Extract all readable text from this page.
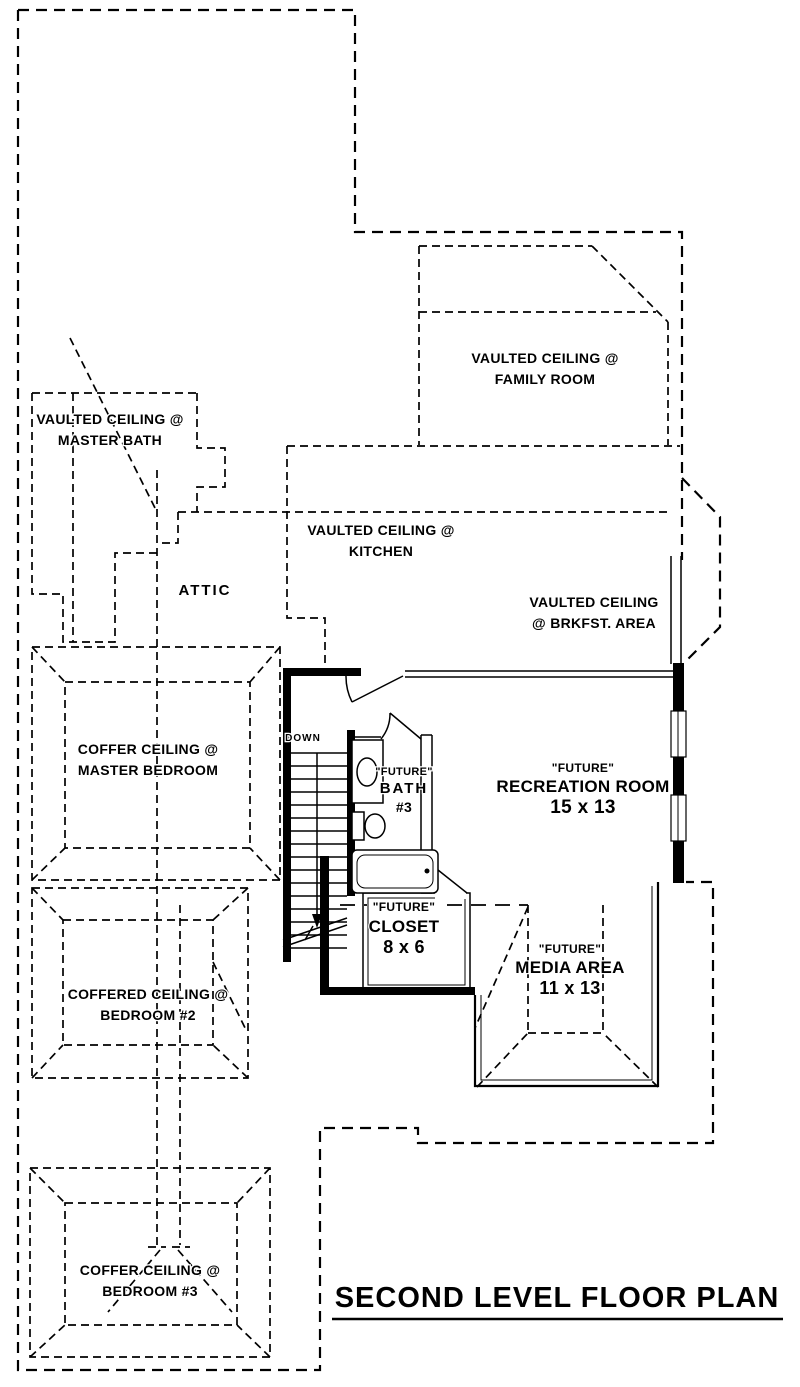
VAULTED CEILING @
MASTER BATH
VAULTED CEILING @
FAMILY ROOM
VAULTED CEILING @
KITCHEN
ATTIC
VAULTED CEILING
@ BRKFST. AREA
COFFER CEILING @
MASTER BEDROOM
DOWN
"FUTURE"
BATH
#3
"FUTURE"
RECREATION ROOM
15 x 13
"FUTURE"
CLOSET
8 x 6	"FUTURE"
MEDIA AREA
11 x 13
COFFERED CEILING @
BEDROOM #2
COFFER CEILING @
BEDROOM #3	SECOND LEVEL FLOOR PLAN
